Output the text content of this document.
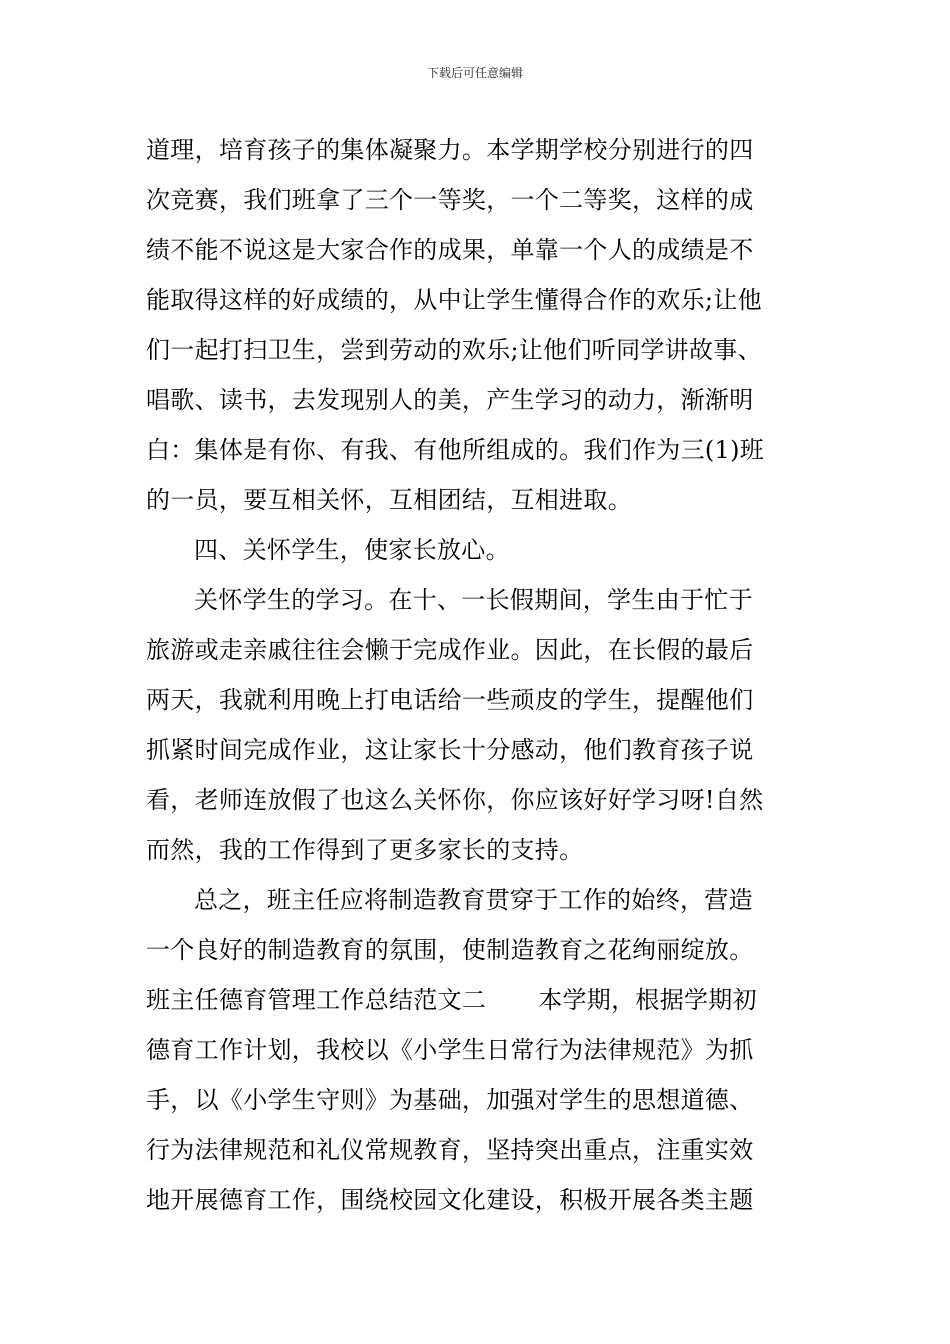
下载后可任意编辑
道理，培育孩子的集体凝聚力。本学期学校分别进行的四
次竞赛，我们班拿了三个一等奖，一个二等奖，这样的成
绩不能不说这是大家合作的成果，单靠一个人的成绩是不
能取得这样的好成绩的，从中让学生懂得合作的欢乐;让他
们一起打扫卫生，尝到劳动的欢乐;让他们听同学讲故事、
唱歌、读书，去发现别人的美，产生学习的动力，渐渐明
白：集体是有你、有我、有他所组成的。我们作为三(1)班
的一员，要互相关怀，互相团结，互相进取。
四、关怀学生，使家长放心。
关怀学生的学习。在十、一长假期间，学生由于忙于
旅游或走亲戚往往会懒于完成作业。因此，在长假的最后
两天，我就利用晚上打电话给一些顽皮的学生，提醒他们
抓紧时间完成作业，这让家长十分感动，他们教育孩子说
看，老师连放假了也这么关怀你，你应该好好学习呀!自然
而然，我的工作得到了更多家长的支持。
总之，班主任应将制造教育贯穿于工作的始终，营造
一个良好的制造教育的氛围，使制造教育之花绚丽绽放。
班主任德育管理工作总结范文二 本学期，根据学期初
德育工作计划，我校以《小学生日常行为法律规范》为抓
手，以《小学生守则》为基础，加强对学生的思想道德、
行为法律规范和礼仪常规教育，坚持突出重点，注重实效
地开展德育工作，围绕校园文化建设，积极开展各类主题
